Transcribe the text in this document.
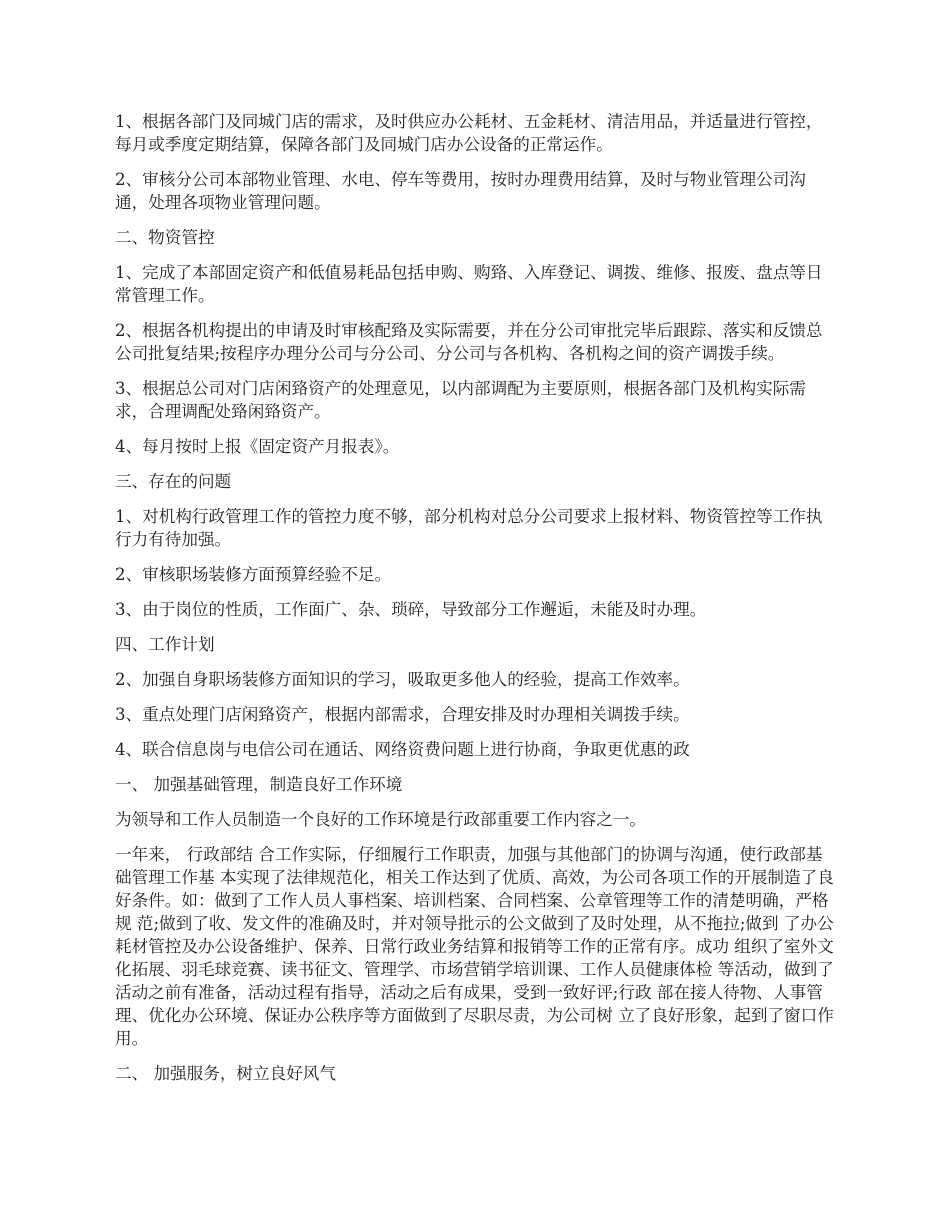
1、根据各部门及同城门店的需求，及时供应办公耗材、五金耗材、清洁用品，并适量进行管控，每月或季度定期结算，保障各部门及同城门店办公设备的正常运作。

2、审核分公司本部物业管理、水电、停车等费用，按时办理费用结算，及时与物业管理公司沟通，处理各项物业管理问题。

二、物资管控

1、完成了本部固定资产和低值易耗品包括申购、购臵、入库登记、调拨、维修、报废、盘点等日常管理工作。

2、根据各机构提出的申请及时审核配臵及实际需要，并在分公司审批完毕后跟踪、落实和反馈总公司批复结果;按程序办理分公司与分公司、分公司与各机构、各机构之间的资产调拨手续。

3、根据总公司对门店闲臵资产的处理意见，以内部调配为主要原则，根据各部门及机构实际需求，合理调配处臵闲臵资产。

4、每月按时上报《固定资产月报表》。

三、存在的问题

1、对机构行政管理工作的管控力度不够，部分机构对总分公司要求上报材料、物资管控等工作执行力有待加强。

2、审核职场装修方面预算经验不足。

3、由于岗位的性质，工作面广、杂、琐碎，导致部分工作邂逅，未能及时办理。

四、工作计划

2、加强自身职场装修方面知识的学习，吸取更多他人的经验，提高工作效率。

3、重点处理门店闲臵资产，根据内部需求，合理安排及时办理相关调拨手续。

4、联合信息岗与电信公司在通话、网络资费问题上进行协商，争取更优惠的政

一、 加强基础管理，制造良好工作环境

为领导和工作人员制造一个良好的工作环境是行政部重要工作内容之一。

一年来， 行政部结 合工作实际，仔细履行工作职责，加强与其他部门的协调与沟通，使行政部基础管理工作基 本实现了法律规范化，相关工作达到了优质、高效，为公司各项工作的开展制造了良好条件。如：做到了工作人员人事档案、培训档案、合同档案、公章管理等工作的清楚明确，严格规 范;做到了收、发文件的准确及时，并对领导批示的公文做到了及时处理，从不拖拉;做到 了办公耗材管控及办公设备维护、保养、日常行政业务结算和报销等工作的正常有序。成功 组织了室外文化拓展、羽毛球竞赛、读书征文、管理学、市场营销学培训课、工作人员健康体检 等活动，做到了活动之前有准备，活动过程有指导，活动之后有成果，受到一致好评;行政 部在接人待物、人事管理、优化办公环境、保证办公秩序等方面做到了尽职尽责，为公司树 立了良好形象，起到了窗口作用。

二、 加强服务，树立良好风气
